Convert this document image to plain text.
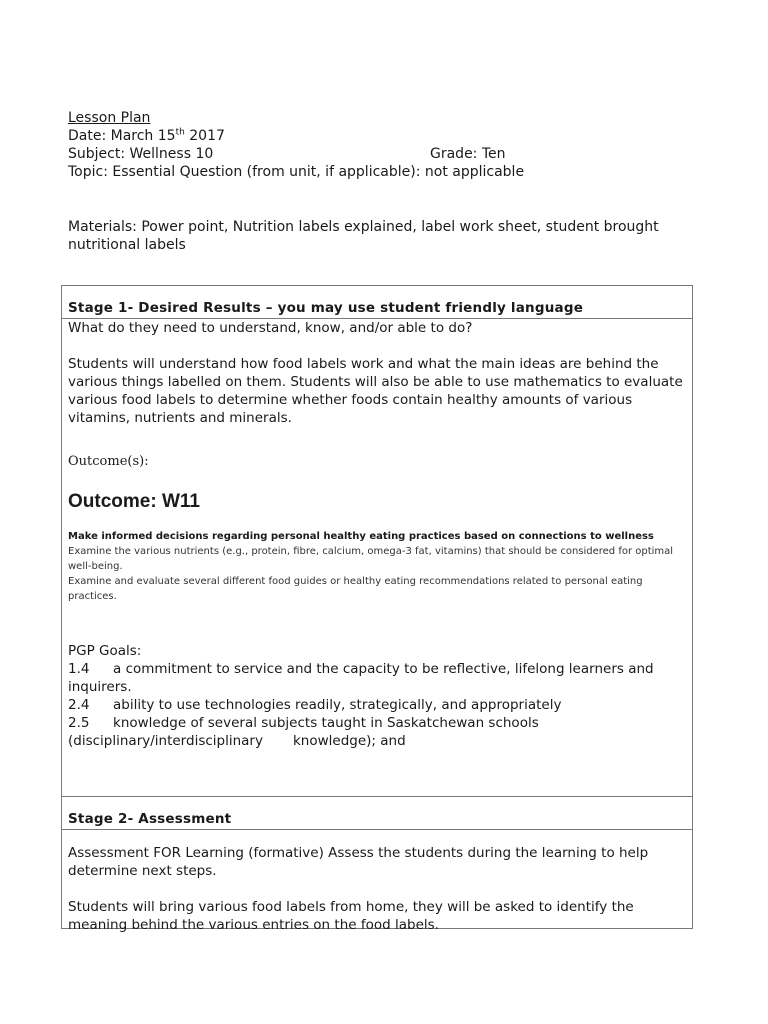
Lesson Plan
Date: March 15th 2017
Subject: Wellness 10	Grade: Ten
Topic: Essential Question (from unit, if applicable): not applicable
Materials: Power point, Nutrition labels explained, label work sheet, student brought nutritional labels
Stage 1- Desired Results – you may use student friendly language

What do they need to understand, know, and/or able to do?

Students will understand how food labels work and what the main ideas are behind the various things labelled on them. Students will also be able to use mathematics to evaluate various food labels to determine whether foods contain healthy amounts of various vitamins, nutrients and minerals.

Outcome(s):
Outcome: W11
Make informed decisions regarding personal healthy eating practices based on connections to wellness
Examine the various nutrients (e.g., protein, fibre, calcium, omega-3 fat, vitamins) that should be considered for optimal well-being.
Examine and evaluate several different food guides or healthy eating recommendations related to personal eating practices.
PGP Goals:
1.4 a commitment to service and the capacity to be reflective, lifelong learners and inquirers.
2.4 ability to use technologies readily, strategically, and appropriately
2.5 knowledge of several subjects taught in Saskatchewan schools
(disciplinary/interdisciplinary knowledge); and
Stage 2- Assessment

Assessment FOR Learning (formative) Assess the students during the learning to help determine next steps.

Students will bring various food labels from home, they will be asked to identify the meaning behind the various entries on the food labels.
